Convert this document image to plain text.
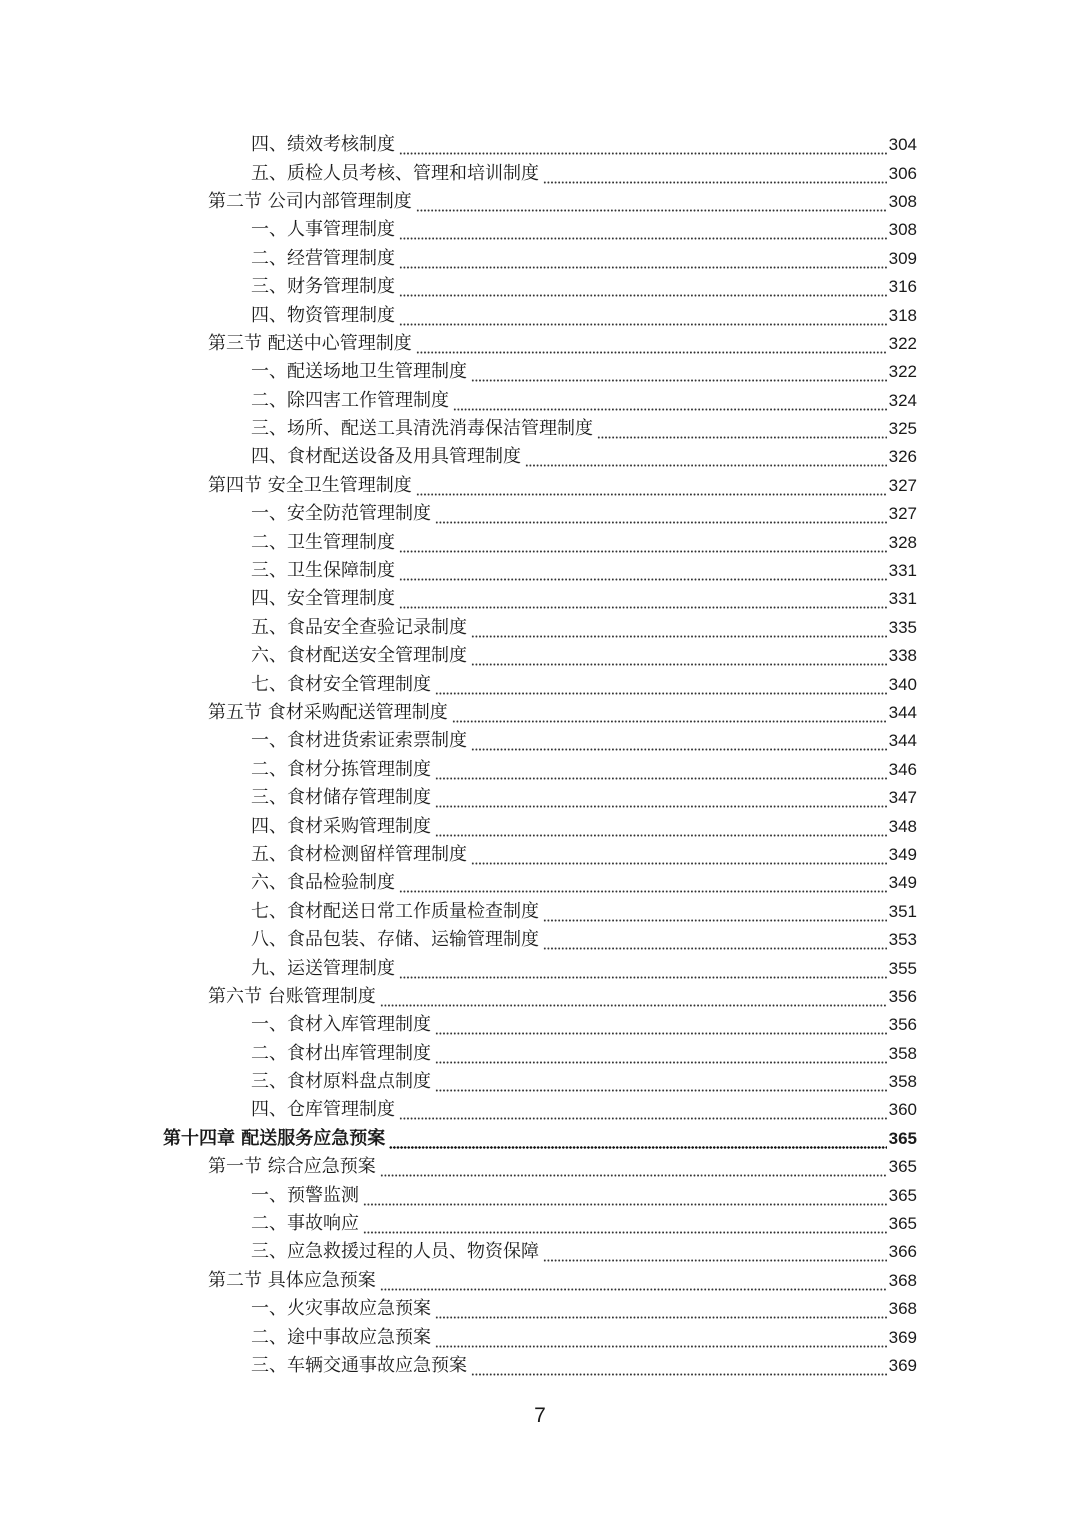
四、绩效考核制度	304
五、质检人员考核、管理和培训制度	306
第二节 公司内部管理制度	308
一、人事管理制度	308
二、经营管理制度	309
三、财务管理制度	316
四、物资管理制度	318
第三节 配送中心管理制度	322
一、配送场地卫生管理制度	322
二、除四害工作管理制度	324
三、场所、配送工具清洗消毒保洁管理制度	325
四、食材配送设备及用具管理制度	326
第四节 安全卫生管理制度	327
一、安全防范管理制度	327
二、卫生管理制度	328
三、卫生保障制度	331
四、安全管理制度	331
五、食品安全查验记录制度	335
六、食材配送安全管理制度	338
七、食材安全管理制度	340
第五节 食材采购配送管理制度	344
一、食材进货索证索票制度	344
二、食材分拣管理制度	346
三、食材储存管理制度	347
四、食材采购管理制度	348
五、食材检测留样管理制度	349
六、食品检验制度	349
七、食材配送日常工作质量检查制度	351
八、食品包装、存储、运输管理制度	353
九、运送管理制度	355
第六节 台账管理制度	356
一、食材入库管理制度	356
二、食材出库管理制度	358
三、食材原料盘点制度	358
四、仓库管理制度	360
第十四章 配送服务应急预案	365
第一节 综合应急预案	365
一、预警监测	365
二、事故响应	365
三、应急救援过程的人员、物资保障	366
第二节 具体应急预案	368
一、火灾事故应急预案	368
二、途中事故应急预案	369
三、车辆交通事故应急预案	369
7
